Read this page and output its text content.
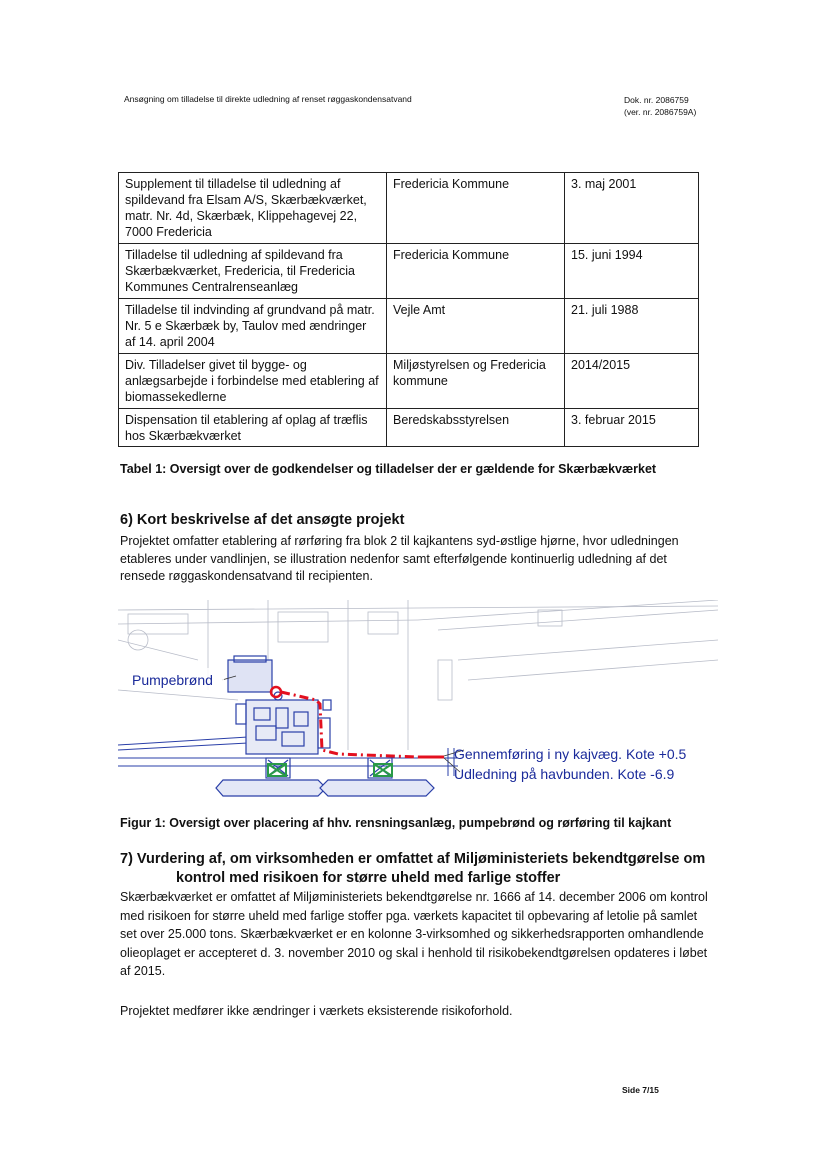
Ansøgning om tilladelse til direkte udledning af renset røggaskondensatvand	Dok. nr. 2086759
(ver. nr. 2086759A)
Supplement til tilladelse til udledning af spildevand fra Elsam A/S, Skærbækværket, matr. Nr. 4d, Skærbæk, Klippehagevej 22, 7000 Fredericia	Fredericia Kommune	3. maj 2001
Tilladelse til udledning af spildevand fra Skærbækværket, Fredericia, til Fredericia Kommunes Centralrenseanlæg	Fredericia Kommune	15. juni 1994
Tilladelse til indvinding af grundvand på matr. Nr. 5 e Skærbæk by, Taulov med ændringer af 14. april 2004	Vejle Amt	21. juli 1988
Div. Tilladelser givet til bygge- og anlægsarbejde i forbindelse med etablering af biomassekedlerne	Miljøstyrelsen og Fredericia kommune	2014/2015
Dispensation til etablering af oplag af træflis hos Skærbækværket	Beredskabsstyrelsen	3. februar 2015
Tabel 1: Oversigt over de godkendelser og tilladelser der er gældende for Skærbækværket
6) Kort beskrivelse af det ansøgte projekt
Projektet omfatter etablering af rørføring fra blok 2 til kajkantens syd-østlige hjørne, hvor udledningen etableres under vandlinjen, se illustration nedenfor samt efterfølgende kontinuerlig udledning af det rensede røggaskondensatvand til recipienten.
Pumpebrønd
Gennemføring i ny kajvæg. Kote +0.5
Udledning på havbunden. Kote -6.9
Figur 1: Oversigt over placering af hhv. rensningsanlæg, pumpebrønd og rørføring til kajkant
7) Vurdering af, om virksomheden er omfattet af Miljøministeriets bekendtgørelse om
kontrol med risikoen for større uheld med farlige stoffer
Skærbækværket er omfattet af Miljøministeriets bekendtgørelse nr. 1666 af 14. december 2006 om kontrol med risikoen for større uheld med farlige stoffer pga. værkets kapacitet til opbevaring af letolie på samlet set over 25.000 tons. Skærbækværket er en kolonne 3-virksomhed og sikkerhedsrapporten omhandlende olieoplaget er accepteret d. 3. november 2010 og skal i henhold til risikobekendtgørelsen opdateres i løbet af 2015.
Projektet medfører ikke ændringer i værkets eksisterende risikoforhold.
Side 7/15
